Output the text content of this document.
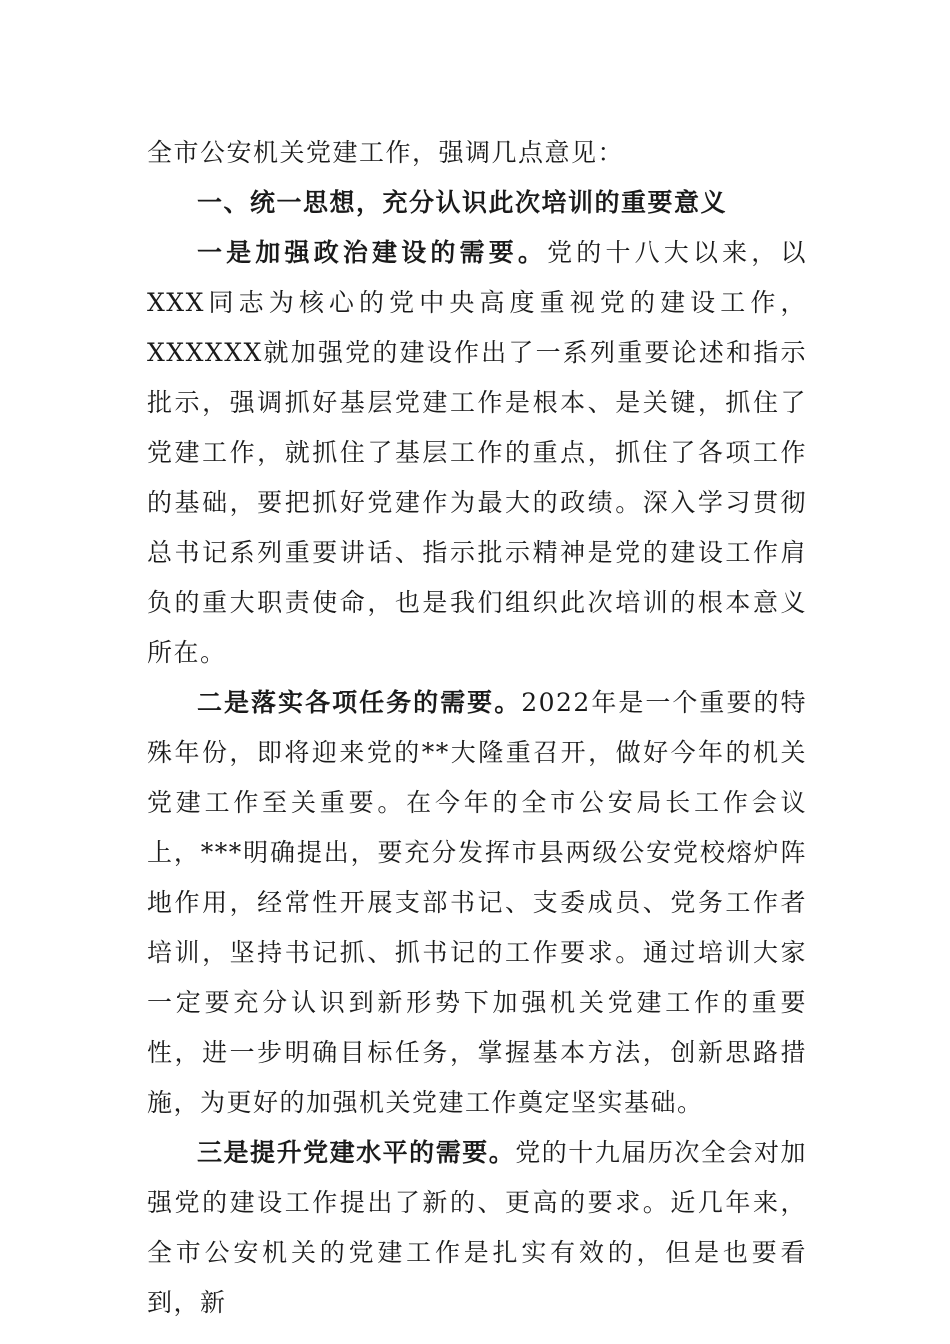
全市公安机关党建工作，强调几点意见：

一、统一思想，充分认识此次培训的重要意义

一是加强政治建设的需要。党的十八大以来，以XXX同志为核心的党中央高度重视党的建设工作，XXXXXX就加强党的建设作出了一系列重要论述和指示批示，强调抓好基层党建工作是根本、是关键，抓住了党建工作，就抓住了基层工作的重点，抓住了各项工作的基础，要把抓好党建作为最大的政绩。深入学习贯彻总书记系列重要讲话、指示批示精神是党的建设工作肩负的重大职责使命，也是我们组织此次培训的根本意义所在。

二是落实各项任务的需要。2022年是一个重要的特殊年份，即将迎来党的**大隆重召开，做好今年的机关党建工作至关重要。在今年的全市公安局长工作会议上，***明确提出，要充分发挥市县两级公安党校熔炉阵地作用，经常性开展支部书记、支委成员、党务工作者培训，坚持书记抓、抓书记的工作要求。通过培训大家一定要充分认识到新形势下加强机关党建工作的重要性，进一步明确目标任务，掌握基本方法，创新思路措施，为更好的加强机关党建工作奠定坚实基础。

三是提升党建水平的需要。党的十九届历次全会对加强党的建设工作提出了新的、更高的要求。近几年来，全市公安机关的党建工作是扎实有效的，但是也要看到，新
